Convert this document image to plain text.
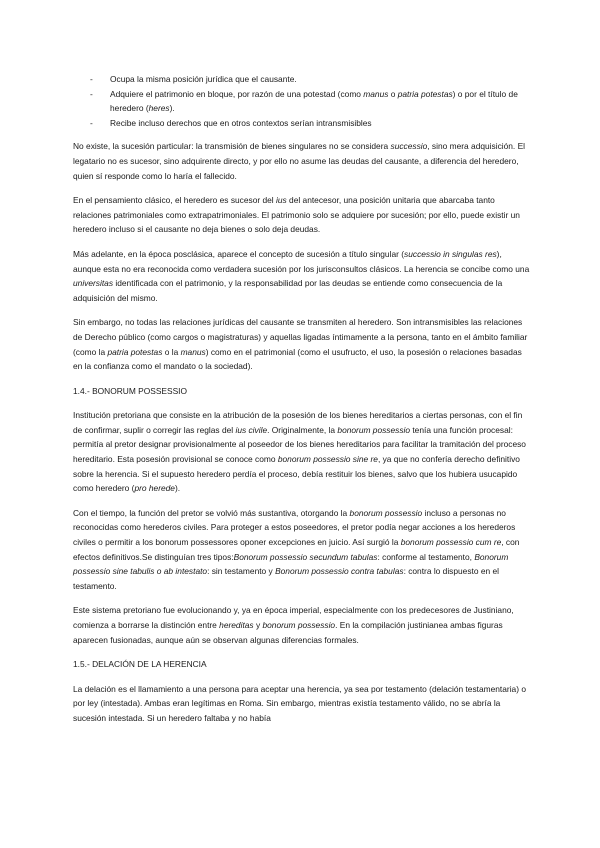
- Ocupa la misma posición jurídica que el causante.
- Adquiere el patrimonio en bloque, por razón de una potestad (como manus o patria potestas) o por el título de heredero (heres).
- Recibe incluso derechos que en otros contextos serían intransmisibles

No existe, la sucesión particular: la transmisión de bienes singulares no se considera successio, sino mera adquisición. El legatario no es sucesor, sino adquirente directo, y por ello no asume las deudas del causante, a diferencia del heredero, quien sí responde como lo haría el fallecido.

En el pensamiento clásico, el heredero es sucesor del ius del antecesor, una posición unitaria que abarcaba tanto relaciones patrimoniales como extrapatrimoniales. El patrimonio solo se adquiere por sucesión; por ello, puede existir un heredero incluso si el causante no deja bienes o solo deja deudas.

Más adelante, en la época posclásica, aparece el concepto de sucesión a título singular (successio in singulas res), aunque esta no era reconocida como verdadera sucesión por los jurisconsultos clásicos. La herencia se concibe como una universitas identificada con el patrimonio, y la responsabilidad por las deudas se entiende como consecuencia de la adquisición del mismo.

Sin embargo, no todas las relaciones jurídicas del causante se transmiten al heredero. Son intransmisibles las relaciones de Derecho público (como cargos o magistraturas) y aquellas ligadas íntimamente a la persona, tanto en el ámbito familiar (como la patria potestas o la manus) como en el patrimonial (como el usufructo, el uso, la posesión o relaciones basadas en la confianza como el mandato o la sociedad).

1.4.- BONORUM POSSESSIO

Institución pretoriana que consiste en la atribución de la posesión de los bienes hereditarios a ciertas personas, con el fin de confirmar, suplir o corregir las reglas del ius civile. Originalmente, la bonorum possessio tenía una función procesal: permitía al pretor designar provisionalmente al poseedor de los bienes hereditarios para facilitar la tramitación del proceso hereditario. Esta posesión provisional se conoce como bonorum possessio sine re, ya que no confería derecho definitivo sobre la herencia. Si el supuesto heredero perdía el proceso, debía restituir los bienes, salvo que los hubiera usucapido como heredero (pro herede).

Con el tiempo, la función del pretor se volvió más sustantiva, otorgando la bonorum possessio incluso a personas no reconocidas como herederos civiles. Para proteger a estos poseedores, el pretor podía negar acciones a los herederos civiles o permitir a los bonorum possessores oponer excepciones en juicio. Así surgió la bonorum possessio cum re, con efectos definitivos.Se distinguían tres tipos:Bonorum possessio secundum tabulas: conforme al testamento, Bonorum possessio sine tabulis o ab intestato: sin testamento y Bonorum possessio contra tabulas: contra lo dispuesto en el testamento.

Este sistema pretoriano fue evolucionando y, ya en época imperial, especialmente con los predecesores de Justiniano, comienza a borrarse la distinción entre hereditas y bonorum possessio. En la compilación justinianea ambas figuras aparecen fusionadas, aunque aún se observan algunas diferencias formales.

1.5.- DELACIÓN DE LA HERENCIA

La delación es el llamamiento a una persona para aceptar una herencia, ya sea por testamento (delación testamentaria) o por ley (intestada). Ambas eran legítimas en Roma. Sin embargo, mientras existía testamento válido, no se abría la sucesión intestada. Si un heredero faltaba y no había
